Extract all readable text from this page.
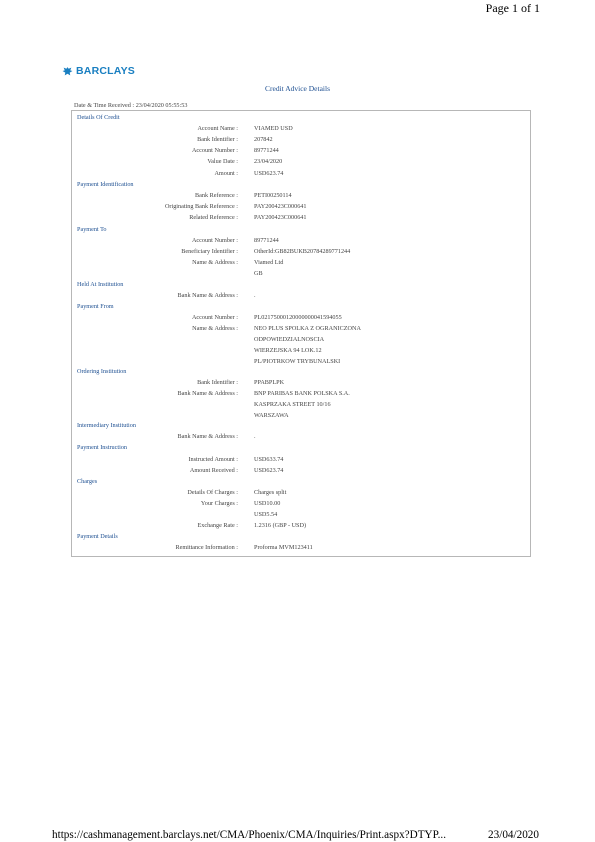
Page 1 of 1
BARCLAYS
Credit Advice Details
Date & Time Received : 23/04/2020 05:55:53
Details Of Credit
Account Name :	VIAMED USD
Bank Identifier :	207842
Account Number :	89771244
Value Date :	23/04/2020
Amount :	USD623.74
Payment Identification
Bank Reference :	PETI00250114
Originating Bank Reference :	PAY200423C000641
Related Reference :	PAY200423C000641
Payment To
Account Number :	89771244
Beneficiary Identifier :	OtherId:GB82BUKB20784289771244
Name & Address :	Viamed Ltd
GB
Held At Institution
Bank Name & Address :	.
Payment From
Account Number :	PL02175000120000000041594055
Name & Address :	NEO PLUS SPOLKA Z OGRANICZONA
ODPOWIEDZIALNOSCIA
WIERZEJSKA 94 LOK.12
PL/PIOTRKOW TRYBUNALSKI
Ordering Institution
Bank Identifier :	PPABPLPK
Bank Name & Address :	BNP PARIBAS BANK POLSKA S.A.
KASPRZAKA STREET 10/16
WARSZAWA
Intermediary Institution
Bank Name & Address :	.
Payment Instruction
Instructed Amount :	USD633.74
Amount Received :	USD623.74
Charges
Details Of Charges :	Charges split
Your Charges :	USD10.00
USD5.54
Exchange Rate :	1.2316 (GBP - USD)
Payment Details
Remittance Information :	Proforma MVM123411
https://cashmanagement.barclays.net/CMA/Phoenix/CMA/Inquiries/Print.aspx?DTYP...	23/04/2020
